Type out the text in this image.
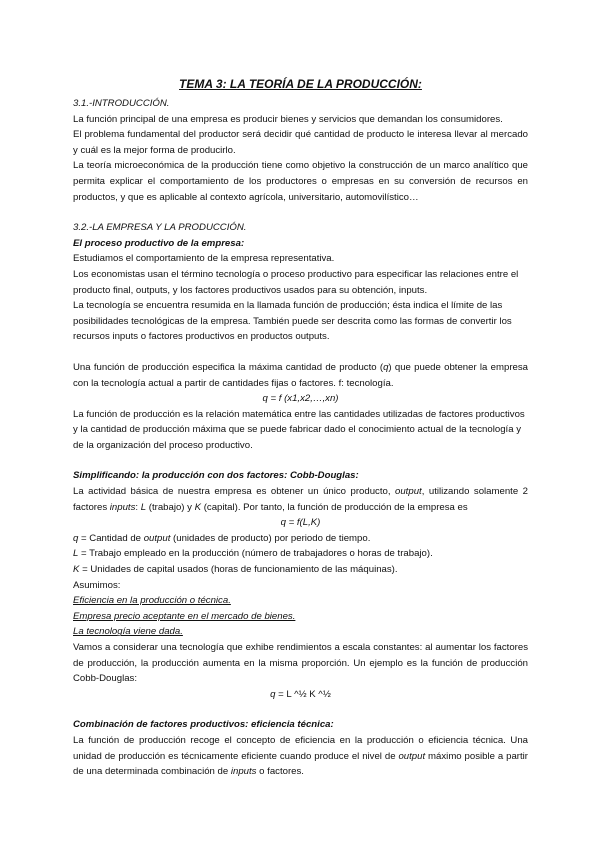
TEMA 3: LA TEORÍA DE LA PRODUCCIÓN:

3.1.-INTRODUCCIÓN.

La función principal de una empresa es producir bienes y servicios que demandan los consumidores.

El problema fundamental del productor será decidir qué cantidad de producto le interesa llevar al mercado y cuál es la mejor forma de producirlo.

La teoría microeconómica de la producción tiene como objetivo la construcción de un marco analítico que permita explicar el comportamiento de los productores o empresas en su conversión de recursos en productos, y que es aplicable al contexto agrícola, universitario, automovilístico…

3.2.-LA EMPRESA Y LA PRODUCCIÓN.

El proceso productivo de la empresa:

Estudiamos el comportamiento de la empresa representativa.

Los economistas usan el término tecnología o proceso productivo para especificar las relaciones entre el producto final, outputs, y los factores productivos usados para su obtención, inputs.

La tecnología se encuentra resumida en la llamada función de producción; ésta indica el límite de las posibilidades tecnológicas de la empresa. También puede ser descrita como las formas de convertir los recursos inputs o factores productivos en productos outputs.

Una función de producción especifica la máxima cantidad de producto (q) que puede obtener la empresa con la tecnología actual a partir de cantidades fijas o factores. f: tecnología.

q = f (x1,x2,…,xn)

La función de producción es la relación matemática entre las cantidades utilizadas de factores productivos y la cantidad de producción máxima que se puede fabricar dado el conocimiento actual de la tecnología y de la organización del proceso productivo.

Simplificando: la producción con dos factores: Cobb-Douglas:

La actividad básica de nuestra empresa es obtener un único producto, output, utilizando solamente 2 factores inputs: L (trabajo) y K (capital). Por tanto, la función de producción de la empresa es

q = f(L,K)

q = Cantidad de output (unidades de producto) por periodo de tiempo.

L = Trabajo empleado en la producción (número de trabajadores o horas de trabajo).

K = Unidades de capital usados (horas de funcionamiento de las máquinas).

Asumimos:

Eficiencia en la producción o técnica.

Empresa precio aceptante en el mercado de bienes.

La tecnología viene dada.

Vamos a considerar una tecnología que exhibe rendimientos a escala constantes: al aumentar los factores de producción, la producción aumenta en la misma proporción. Un ejemplo es la función de producción Cobb-Douglas:

q = L ^½ K ^½

Combinación de factores productivos: eficiencia técnica:

La función de producción recoge el concepto de eficiencia en la producción o eficiencia técnica. Una unidad de producción es técnicamente eficiente cuando produce el nivel de output máximo posible a partir de una determinada combinación de inputs o factores.
